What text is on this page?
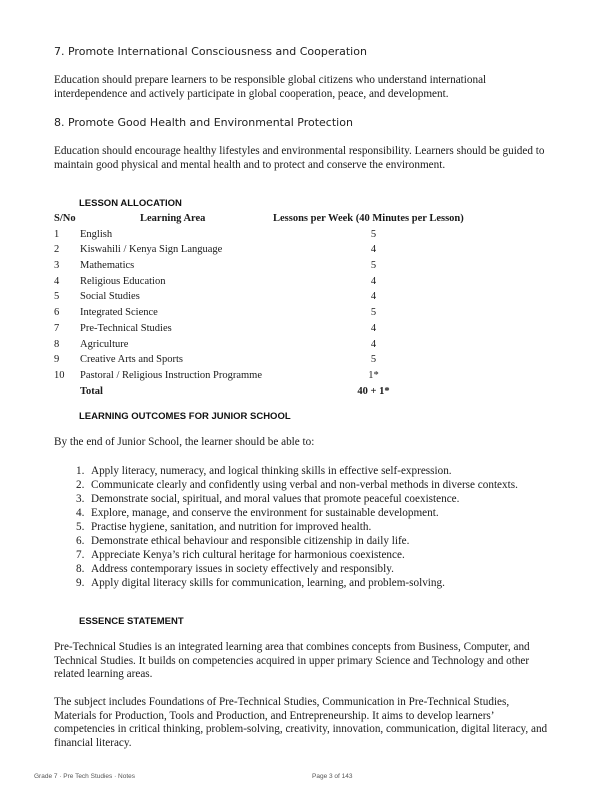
7. Promote International Consciousness and Cooperation

Education should prepare learners to be responsible global citizens who understand international interdependence and actively participate in global cooperation, peace, and development.

8. Promote Good Health and Environmental Protection

Education should encourage healthy lifestyles and environmental responsibility. Learners should be guided to maintain good physical and mental health and to protect and conserve the environment.

LESSON ALLOCATION
S/No	Learning Area	Lessons per Week (40 Minutes per Lesson)
1 English	5
2 Kiswahili / Kenya Sign Language	4
3 Mathematics	5
4 Religious Education	4
5 Social Studies	4
6 Integrated Science	5
7 Pre-Technical Studies	4
8 Agriculture	4
9 Creative Arts and Sports	5
10 Pastoral / Religious Instruction Programme	1*
Total	40 + 1*
LEARNING OUTCOMES FOR JUNIOR SCHOOL

By the end of Junior School, the learner should be able to:

1. Apply literacy, numeracy, and logical thinking skills in effective self-expression.
2. Communicate clearly and confidently using verbal and non-verbal methods in diverse contexts.
3. Demonstrate social, spiritual, and moral values that promote peaceful coexistence.
4. Explore, manage, and conserve the environment for sustainable development.
5. Practise hygiene, sanitation, and nutrition for improved health.
6. Demonstrate ethical behaviour and responsible citizenship in daily life.
7. Appreciate Kenya’s rich cultural heritage for harmonious coexistence.
8. Address contemporary issues in society effectively and responsibly.
9. Apply digital literacy skills for communication, learning, and problem-solving.
ESSENCE STATEMENT

Pre-Technical Studies is an integrated learning area that combines concepts from Business, Computer, and Technical Studies. It builds on competencies acquired in upper primary Science and Technology and other related learning areas.

The subject includes Foundations of Pre-Technical Studies, Communication in Pre-Technical Studies, Materials for Production, Tools and Production, and Entrepreneurship. It aims to develop learners’ competencies in critical thinking, problem-solving, creativity, innovation, communication, digital literacy, and financial literacy.

Grade 7 · Pre Tech Studies · Notes	Page 3 of 143
